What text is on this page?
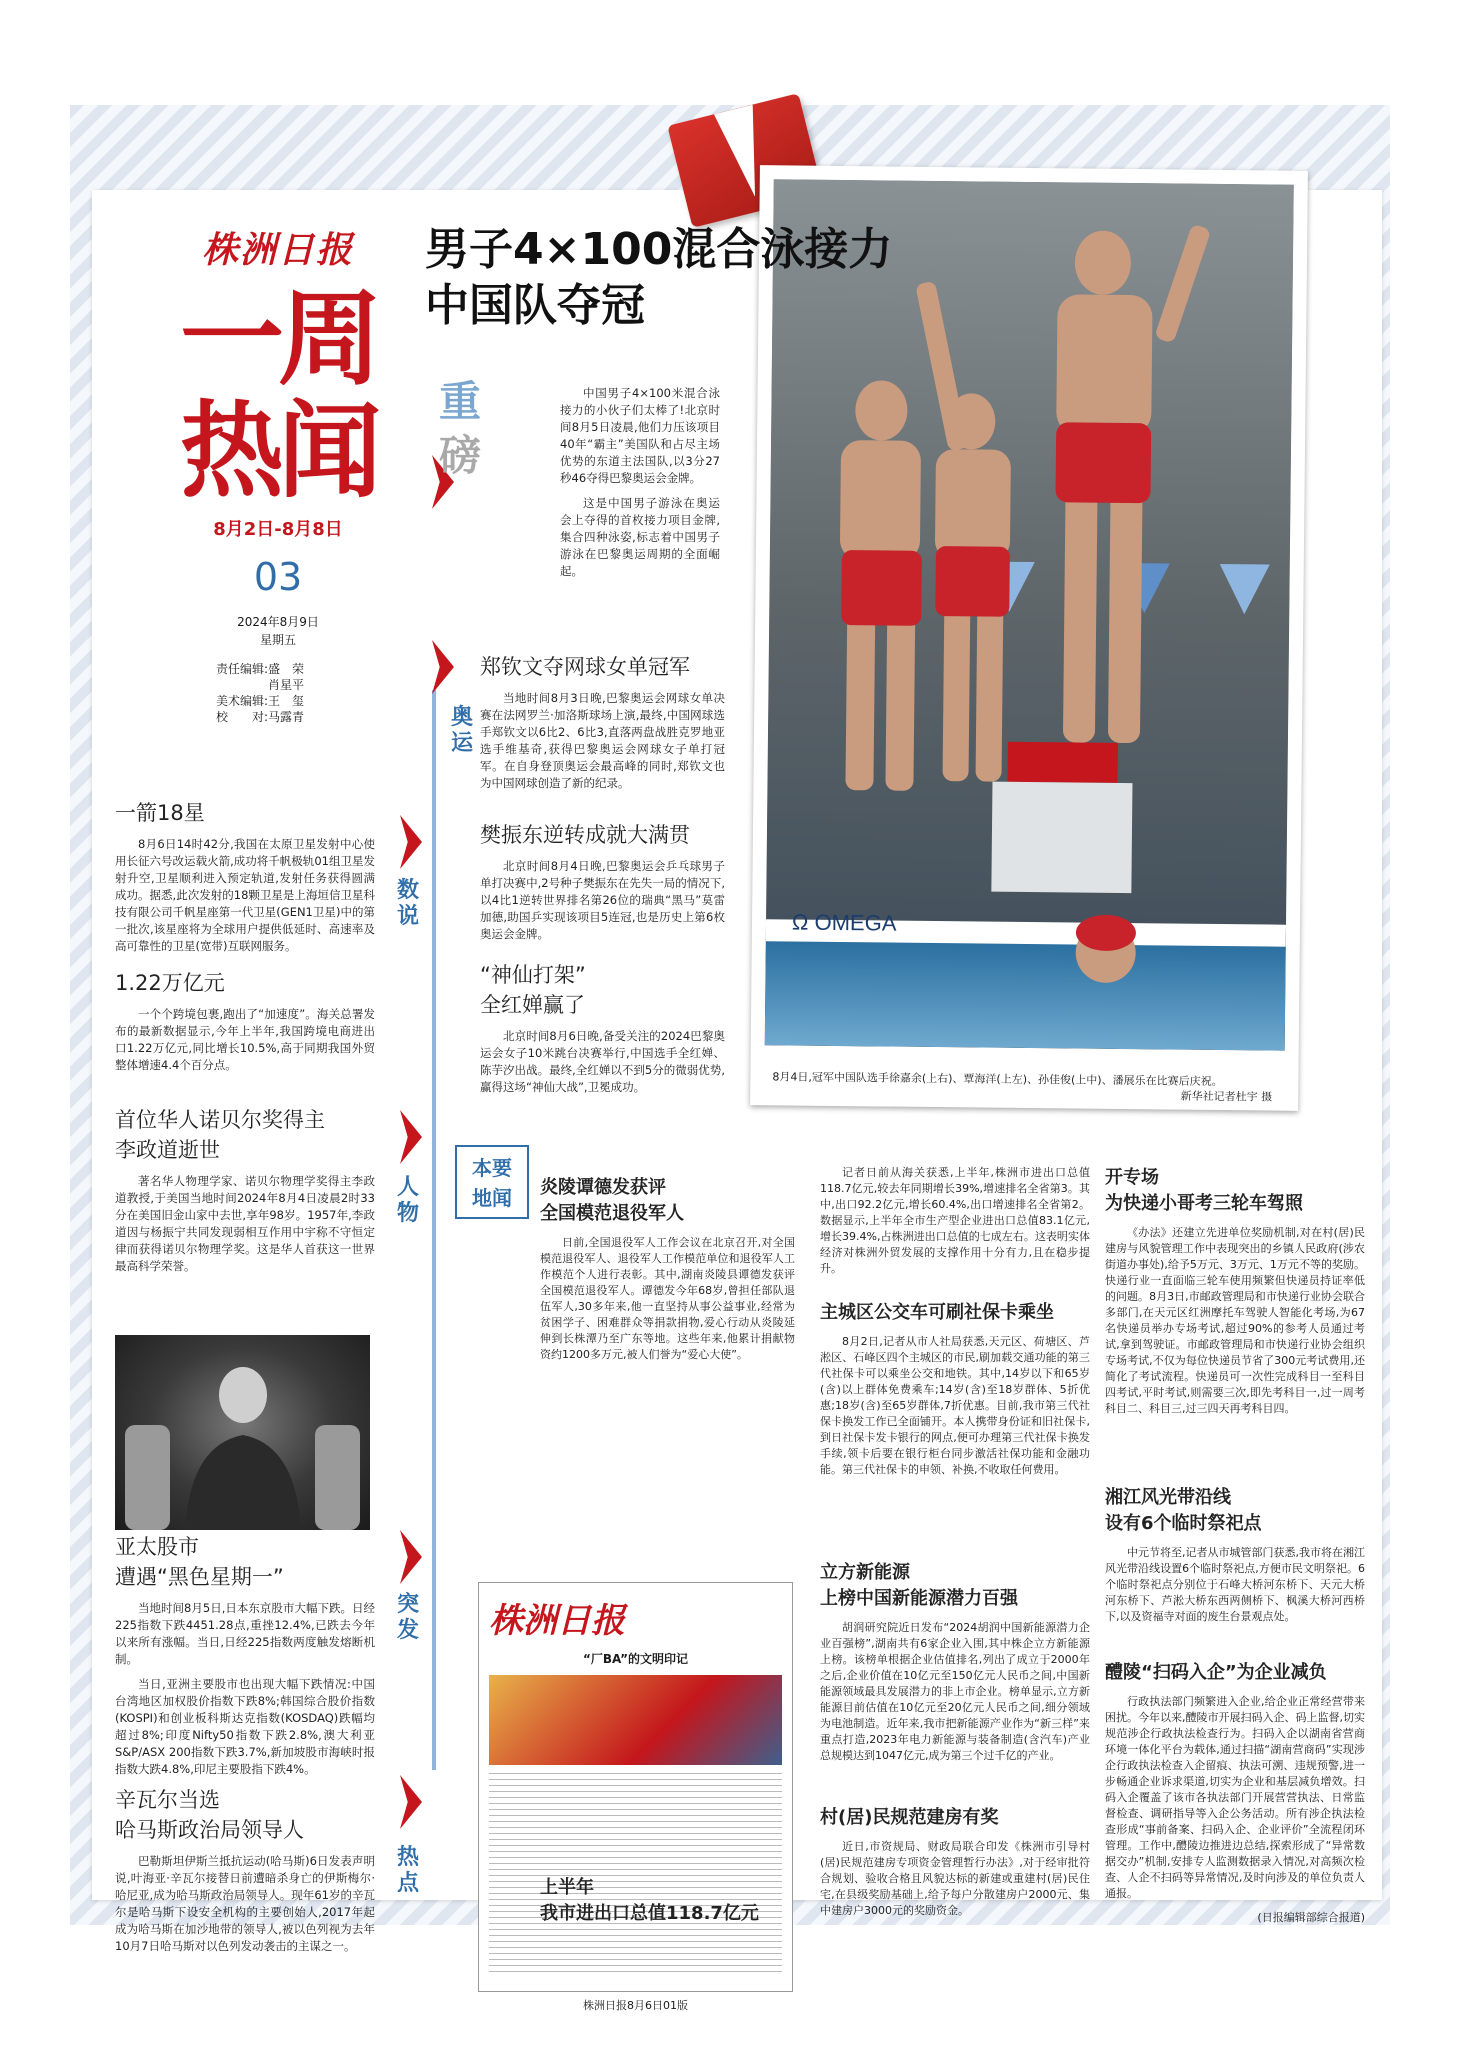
株洲日报
一周热闻
8月2日-8月8日
03
2024年8月9日
星期五
责任编辑:盛　荣
肖星平
美术编辑:王　玺
校　　对:马露青
男子4×100混合泳接力
中国队夺冠
重
磅

中国男子4×100米混合泳接力的小伙子们太棒了!北京时间8月5日凌晨,他们力压该项目40年“霸主”美国队和占尽主场优势的东道主法国队,以3分27秒46夺得巴黎奥运会金牌。

这是中国男子游泳在奥运会上夺得的首枚接力项目金牌,集合四种泳姿,标志着中国男子游泳在巴黎奥运周期的全面崛起。

奥
运
郑钦文夺网球女单冠军

当地时间8月3日晚,巴黎奥运会网球女单决赛在法网罗兰·加洛斯球场上演,最终,中国网球选手郑钦文以6比2、6比3,直落两盘战胜克罗地亚选手维基奇,获得巴黎奥运会网球女子单打冠军。在自身登顶奥运会最高峰的同时,郑钦文也为中国网球创造了新的纪录。

樊振东逆转成就大满贯

北京时间8月4日晚,巴黎奥运会乒乓球男子单打决赛中,2号种子樊振东在先失一局的情况下,以4比1逆转世界排名第26位的瑞典“黑马”莫雷加德,助国乒实现该项目5连冠,也是历史上第6枚奥运会金牌。

“神仙打架”
全红婵赢了

北京时间8月6日晚,备受关注的2024巴黎奥运会女子10米跳台决赛举行,中国选手全红婵、陈芋汐出战。最终,全红婵以不到5分的微弱优势,赢得这场“神仙大战”,卫冕成功。

Ω OMEGA
8月4日,冠军中国队选手徐嘉余(上右)、覃海洋(上左)、孙佳俊(上中)、潘展乐在比赛后庆祝。
新华社记者杜宇 摄
数
说
一箭18星

8月6日14时42分,我国在太原卫星发射中心使用长征六号改运载火箭,成功将千帆极轨01组卫星发射升空,卫星顺利进入预定轨道,发射任务获得圆满成功。据悉,此次发射的18颗卫星是上海垣信卫星科技有限公司千帆星座第一代卫星(GEN1卫星)中的第一批次,该星座将为全球用户提供低延时、高速率及高可靠性的卫星(宽带)互联网服务。

1.22万亿元

一个个跨境包裹,跑出了“加速度”。海关总署发布的最新数据显示,今年上半年,我国跨境电商进出口1.22万亿元,同比增长10.5%,高于同期我国外贸整体增速4.4个百分点。

人
物
首位华人诺贝尔奖得主
李政道逝世

著名华人物理学家、诺贝尔物理学奖得主李政道教授,于美国当地时间2024年8月4日凌晨2时33分在美国旧金山家中去世,享年98岁。1957年,李政道因与杨振宁共同发现弱相互作用中宇称不守恒定律而获得诺贝尔物理学奖。这是华人首获这一世界最高科学荣誉。

突
发
亚太股市
遭遇“黑色星期一”

当地时间8月5日,日本东京股市大幅下跌。日经225指数下跌4451.28点,重挫12.4%,已跌去今年以来所有涨幅。当日,日经225指数两度触发熔断机制。

当日,亚洲主要股市也出现大幅下跌情况:中国台湾地区加权股价指数下跌8%;韩国综合股价指数(KOSPI)和创业板科斯达克指数(KOSDAQ)跌幅均超过8%;印度Nifty50指数下跌2.8%,澳大利亚S&P/ASX 200指数下跌3.7%,新加坡股市海峡时报指数大跌4.8%,印尼主要股指下跌4%。

热
点
辛瓦尔当选
哈马斯政治局领导人

巴勒斯坦伊斯兰抵抗运动(哈马斯)6日发表声明说,叶海亚·辛瓦尔接替日前遭暗杀身亡的伊斯梅尔·哈尼亚,成为哈马斯政治局领导人。现年61岁的辛瓦尔是哈马斯下设安全机构的主要创始人,2017年起成为哈马斯在加沙地带的领导人,被以色列视为去年10月7日哈马斯对以色列发动袭击的主谋之一。

本要
地闻	炎陵谭德发获评
全国模范退役军人

日前,全国退役军人工作会议在北京召开,对全国模范退役军人、退役军人工作模范单位和退役军人工作模范个人进行表彰。其中,湖南炎陵县谭德发获评全国模范退役军人。谭德发今年68岁,曾担任部队退伍军人,30多年来,他一直坚持从事公益事业,经常为贫困学子、困难群众等捐款捐物,爱心行动从炎陵延伸到长株潭乃至广东等地。这些年来,他累计捐献物资约1200多万元,被人们誉为“爱心大使”。

株洲日报
“厂BA”的文明印记
株洲日报8月6日01版
上半年
我市进出口总值118.7亿元

记者日前从海关获悉,上半年,株洲市进出口总值118.7亿元,较去年同期增长39%,增速排名全省第3。其中,出口92.2亿元,增长60.4%,出口增速排名全省第2。数据显示,上半年全市生产型企业进出口总值83.1亿元,增长39.4%,占株洲进出口总值的七成左右。这表明实体经济对株洲外贸发展的支撑作用十分有力,且在稳步提升。

主城区公交车可刷社保卡乘坐

8月2日,记者从市人社局获悉,天元区、荷塘区、芦淞区、石峰区四个主城区的市民,刷加载交通功能的第三代社保卡可以乘坐公交和地铁。其中,14岁以下和65岁(含)以上群体免费乘车;14岁(含)至18岁群体、5折优惠;18岁(含)至65岁群体,7折优惠。目前,我市第三代社保卡换发工作已全面铺开。本人携带身份证和旧社保卡,到日社保卡发卡银行的网点,便可办理第三代社保卡换发手续,领卡后要在银行柜台同步激活社保功能和金融功能。第三代社保卡的申领、补换,不收取任何费用。

立方新能源
上榜中国新能源潜力百强

胡润研究院近日发布“2024胡润中国新能源潜力企业百强榜”,湖南共有6家企业入围,其中株企立方新能源上榜。该榜单根据企业估值排名,列出了成立于2000年之后,企业价值在10亿元至150亿元人民币之间,中国新能源领域最具发展潜力的非上市企业。榜单显示,立方新能源目前估值在10亿元至20亿元人民币之间,细分领域为电池制造。近年来,我市把新能源产业作为“新三样”来重点打造,2023年电力新能源与装备制造(含汽车)产业总规模达到1047亿元,成为第三个过千亿的产业。

村(居)民规范建房有奖

近日,市资规局、财政局联合印发《株洲市引导村(居)民规范建房专项资金管理暂行办法》,对于经审批符合规划、验收合格且风貌达标的新建或重建村(居)民住宅,在县级奖励基础上,给予每户分散建房户2000元、集中建房户3000元的奖励资金。

开专场
为快递小哥考三轮车驾照

《办法》还建立先进单位奖励机制,对在村(居)民建房与风貌管理工作中表现突出的乡镇人民政府(涉农街道办事处),给予5万元、3万元、1万元不等的奖励。快递行业一直面临三轮车使用频繁但快递员持证率低的问题。8月3日,市邮政管理局和市快递行业协会联合多部门,在天元区红洲摩托车驾驶人智能化考场,为67名快递员举办专场考试,超过90%的参考人员通过考试,拿到驾驶证。市邮政管理局和市快递行业协会组织专场考试,不仅为每位快递员节省了300元考试费用,还简化了考试流程。快递员可一次性完成科目一至科目四考试,平时考试,则需要三次,即先考科目一,过一周考科目二、科目三,过三四天再考科目四。

湘江风光带沿线
设有6个临时祭祀点

中元节将至,记者从市城管部门获悉,我市将在湘江风光带沿线设置6个临时祭祀点,方便市民文明祭祀。6个临时祭祀点分别位于石峰大桥河东桥下、天元大桥河东桥下、芦淞大桥东西两侧桥下、枫溪大桥河西桥下,以及资福寺对面的废生台景观点处。

醴陵“扫码入企”为企业减负

行政执法部门频繁进入企业,给企业正常经营带来困扰。今年以来,醴陵市开展扫码入企、码上监督,切实规范涉企行政执法检查行为。扫码入企以湖南省营商环境一体化平台为载体,通过扫描“湖南营商码”实现涉企行政执法检查入企留痕、执法可溯、违规预警,进一步畅通企业诉求渠道,切实为企业和基层减负增效。扫码入企覆盖了该市各执法部门开展营营执法、日常监督检查、调研指导等入企公务活动。所有涉企执法检查形成“事前备案、扫码入企、企业评价”全流程闭环管理。工作中,醴陵边推进边总结,探索形成了“异常数据交办”机制,安排专人监测数据录入情况,对高频次检查、人企不扫码等异常情况,及时向涉及的单位负责人通报。

(日报编辑部综合报道)
